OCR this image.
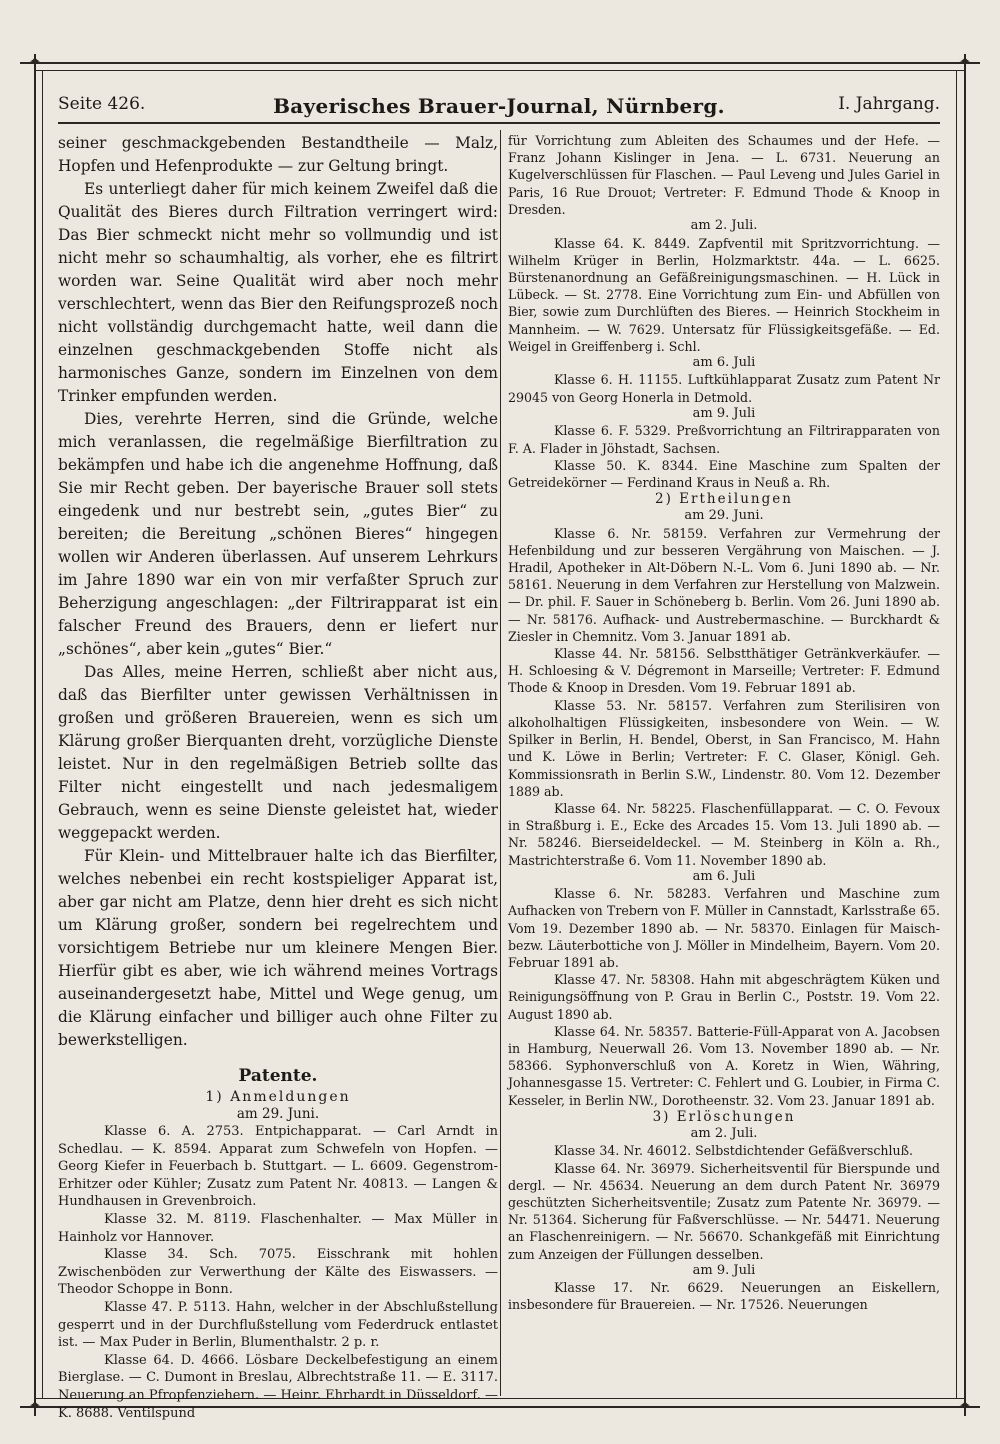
✦	✦
✦	✦
Bayerisches Brauer-Journal, Nürnberg.
Seite 426.	I. Jahrgang.

seiner geschmackgebenden Bestandtheile — Malz, Hopfen und Hefenprodukte — zur Geltung bringt.

Es unterliegt daher für mich keinem Zweifel daß die Qualität des Bieres durch Filtration verringert wird: Das Bier schmeckt nicht mehr so vollmundig und ist nicht mehr so schaumhaltig, als vorher, ehe es filtrirt worden war. Seine Qualität wird aber noch mehr verschlechtert, wenn das Bier den Reifungsprozeß noch nicht vollständig durchgemacht hatte, weil dann die einzelnen geschmackgebenden Stoffe nicht als harmonisches Ganze, sondern im Einzelnen von dem Trinker empfunden werden.

Dies, verehrte Herren, sind die Gründe, welche mich veranlassen, die regelmäßige Bierfiltration zu bekämpfen und habe ich die angenehme Hoffnung, daß Sie mir Recht geben. Der bayerische Brauer soll stets eingedenk und nur bestrebt sein, „gutes Bier“ zu bereiten; die Bereitung „schönen Bieres“ hingegen wollen wir Anderen überlassen. Auf unserem Lehrkurs im Jahre 1890 war ein von mir verfaßter Spruch zur Beherzigung angeschlagen: „der Filtrirapparat ist ein falscher Freund des Brauers, denn er liefert nur „schönes“, aber kein „gutes“ Bier.“

Das Alles, meine Herren, schließt aber nicht aus, daß das Bierfilter unter gewissen Verhältnissen in großen und größeren Brauereien, wenn es sich um Klärung großer Bierquanten dreht, vorzügliche Dienste leistet. Nur in den regelmäßigen Betrieb sollte das Filter nicht eingestellt und nach jedesmaligem Gebrauch, wenn es seine Dienste geleistet hat, wieder weggepackt werden.

Für Klein- und Mittelbrauer halte ich das Bierfilter, welches nebenbei ein recht kostspieliger Apparat ist, aber gar nicht am Platze, denn hier dreht es sich nicht um Klärung großer, sondern bei regelrechtem und vorsichtigem Betriebe nur um kleinere Mengen Bier. Hierfür gibt es aber, wie ich während meines Vortrags auseinandergesetzt habe, Mittel und Wege genug, um die Klärung einfacher und billiger auch ohne Filter zu bewerkstelligen.

Patente.

1) Anmeldungen

am 29. Juni.

Klasse 6. A. 2753. Entpichapparat. — Carl Arndt in Schedlau. — K. 8594. Apparat zum Schwefeln von Hopfen. — Georg Kiefer in Feuerbach b. Stuttgart. — L. 6609. Gegenstrom-Erhitzer oder Kühler; Zusatz zum Patent Nr. 40813. — Langen & Hundhausen in Grevenbroich.

Klasse 32. M. 8119. Flaschenhalter. — Max Müller in Hainholz vor Hannover.

Klasse 34. Sch. 7075. Eisschrank mit hohlen Zwischenböden zur Verwerthung der Kälte des Eiswassers. — Theodor Schoppe in Bonn.

Klasse 47. P. 5113. Hahn, welcher in der Abschlußstellung gesperrt und in der Durchflußstellung vom Federdruck entlastet ist. — Max Puder in Berlin, Blumenthalstr. 2 p. r.

Klasse 64. D. 4666. Lösbare Deckelbefestigung an einem Bierglase. — C. Dumont in Breslau, Albrechtstraße 11. — E. 3117. Neuerung an Pfropfenziehern. — Heinr. Ehrhardt in Düsseldorf. — K. 8688. Ventilspund

für Vorrichtung zum Ableiten des Schaumes und der Hefe. — Franz Johann Kislinger in Jena. — L. 6731. Neuerung an Kugelverschlüssen für Flaschen. — Paul Leveng und Jules Gariel in Paris, 16 Rue Drouot; Vertreter: F. Edmund Thode & Knoop in Dresden.

am 2. Juli.

Klasse 64. K. 8449. Zapfventil mit Spritzvorrichtung. — Wilhelm Krüger in Berlin, Holzmarktstr. 44a. — L. 6625. Bürstenanordnung an Gefäßreinigungsmaschinen. — H. Lück in Lübeck. — St. 2778. Eine Vorrichtung zum Ein- und Abfüllen von Bier, sowie zum Durchlüften des Bieres. — Heinrich Stockheim in Mannheim. — W. 7629. Untersatz für Flüssigkeitsgefäße. — Ed. Weigel in Greiffenberg i. Schl.

am 6. Juli

Klasse 6. H. 11155. Luftkühlapparat Zusatz zum Patent Nr 29045 von Georg Honerla in Detmold.

am 9. Juli

Klasse 6. F. 5329. Preßvorrichtung an Filtrirapparaten von F. A. Flader in Jöhstadt, Sachsen.

Klasse 50. K. 8344. Eine Maschine zum Spalten der Getreidekörner — Ferdinand Kraus in Neuß a. Rh.

2) Ertheilungen

am 29. Juni.

Klasse 6. Nr. 58159. Verfahren zur Vermehrung der Hefenbildung und zur besseren Vergährung von Maischen. — J. Hradil, Apotheker in Alt-Döbern N.-L. Vom 6. Juni 1890 ab. — Nr. 58161. Neuerung in dem Verfahren zur Herstellung von Malzwein. — Dr. phil. F. Sauer in Schöneberg b. Berlin. Vom 26. Juni 1890 ab. — Nr. 58176. Aufhack- und Austrebermaschine. — Burckhardt & Ziesler in Chemnitz. Vom 3. Januar 1891 ab.

Klasse 44. Nr. 58156. Selbstthätiger Getränkverkäufer. — H. Schloesing & V. Dégremont in Marseille; Vertreter: F. Edmund Thode & Knoop in Dresden. Vom 19. Februar 1891 ab.

Klasse 53. Nr. 58157. Verfahren zum Sterilisiren von alkoholhaltigen Flüssigkeiten, insbesondere von Wein. — W. Spilker in Berlin, H. Bendel, Oberst, in San Francisco, M. Hahn und K. Löwe in Berlin; Vertreter: F. C. Glaser, Königl. Geh. Kommissionsrath in Berlin S.W., Lindenstr. 80. Vom 12. Dezember 1889 ab.

Klasse 64. Nr. 58225. Flaschenfüllapparat. — C. O. Fevoux in Straßburg i. E., Ecke des Arcades 15. Vom 13. Juli 1890 ab. — Nr. 58246. Bierseideldeckel. — M. Steinberg in Köln a. Rh., Mastrichterstraße 6. Vom 11. November 1890 ab.

am 6. Juli

Klasse 6. Nr. 58283. Verfahren und Maschine zum Aufhacken von Trebern von F. Müller in Cannstadt, Karlsstraße 65. Vom 19. Dezember 1890 ab. — Nr. 58370. Einlagen für Maisch- bezw. Läuterbottiche von J. Möller in Mindelheim, Bayern. Vom 20. Februar 1891 ab.

Klasse 47. Nr. 58308. Hahn mit abgeschrägtem Küken und Reinigungsöffnung von P. Grau in Berlin C., Poststr. 19. Vom 22. August 1890 ab.

Klasse 64. Nr. 58357. Batterie-Füll-Apparat von A. Jacobsen in Hamburg, Neuerwall 26. Vom 13. November 1890 ab. — Nr. 58366. Syphonverschluß von A. Koretz in Wien, Währing, Johannesgasse 15. Vertreter: C. Fehlert und G. Loubier, in Firma C. Kesseler, in Berlin NW., Dorotheenstr. 32. Vom 23. Januar 1891 ab.

3) Erlöschungen

am 2. Juli.

Klasse 34. Nr. 46012. Selbstdichtender Gefäßverschluß.

Klasse 64. Nr. 36979. Sicherheitsventil für Bierspunde und dergl. — Nr. 45634. Neuerung an dem durch Patent Nr. 36979 geschützten Sicherheitsventile; Zusatz zum Patente Nr. 36979. — Nr. 51364. Sicherung für Faßverschlüsse. — Nr. 54471. Neuerung an Flaschenreinigern. — Nr. 56670. Schankgefäß mit Einrichtung zum Anzeigen der Füllungen desselben.

am 9. Juli

Klasse 17. Nr. 6629. Neuerungen an Eiskellern, insbesondere für Brauereien. — Nr. 17526. Neuerungen
